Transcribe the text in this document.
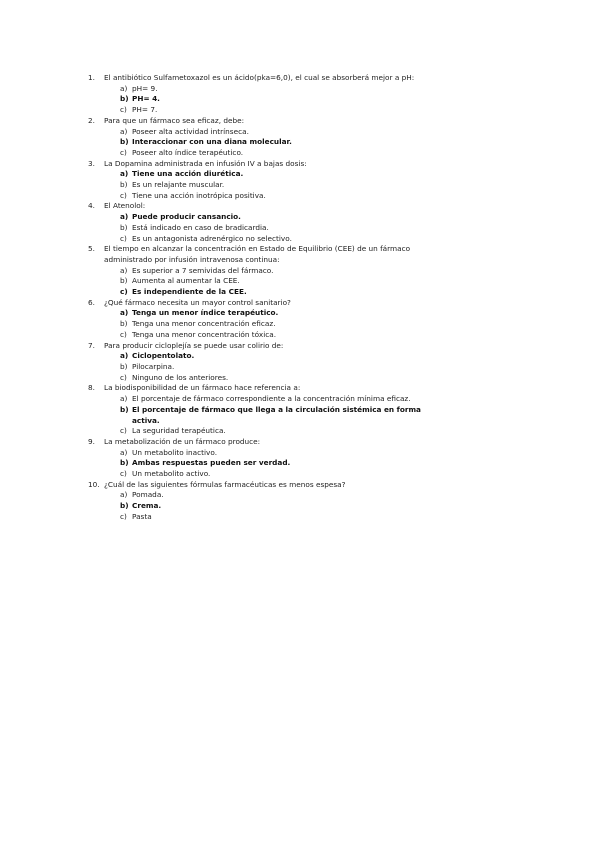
1.	El antibiótico Sulfametoxazol es un ácido(pka=6,0), el cual se absorberá mejor a pH:
a) pH= 9.
b) PH= 4.
c) PH= 7.
2.	Para que un fármaco sea eficaz, debe:
a) Poseer alta actividad intrínseca.
b) Interaccionar con una diana molecular.
c) Poseer alto índice terapéutico.
3.	La Dopamina administrada en infusión IV a bajas dosis:
a) Tiene una acción diurética.
b) Es un relajante muscular.
c) Tiene una acción inotrópica positiva.
4.	El Atenolol:
a) Puede producir cansancio.
b) Está indicado en caso de bradicardia.
c) Es un antagonista adrenérgico no selectivo.
5.	El tiempo en alcanzar la concentración en Estado de Equilibrio (CEE) de un fármaco administrado por infusión intravenosa continua:
a) Es superior a 7 semividas del fármaco.
b) Aumenta al aumentar la CEE.
c) Es independiente de la CEE.
6.	¿Qué fármaco necesita un mayor control sanitario?
a) Tenga un menor índice terapéutico.
b) Tenga una menor concentración eficaz.
c) Tenga una menor concentración tóxica.
7.	Para producir cicloplejía se puede usar colirio de:
a) Ciclopentolato.
b) Pilocarpina.
c) Ninguno de los anteriores.
8.	La biodisponibilidad de un fármaco hace referencia a:
a) El porcentaje de fármaco correspondiente a la concentración mínima eficaz.
b) El porcentaje de fármaco que llega a la circulación sistémica en forma activa.
c) La seguridad terapéutica.
9.	La metabolización de un fármaco produce:
a) Un metabolito inactivo.
b) Ambas respuestas pueden ser verdad.
c) Un metabolito activo.
10. ¿Cuál de las siguientes fórmulas farmacéuticas es menos espesa?
a) Pomada.
b) Crema.
c) Pasta
